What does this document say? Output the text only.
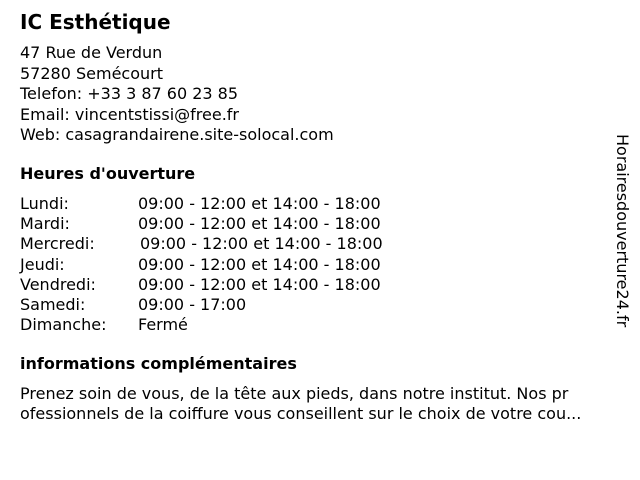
IC Esthétique
47 Rue de Verdun
57280 Semécourt
Telefon: +33 3 87 60 23 85
Email: vincentstissi@free.fr
Web: casagrandairene.site-solocal.com
Heures d'ouverture
Lundi:	09:00 - 12:00 et 14:00 - 18:00
Mardi:	09:00 - 12:00 et 14:00 - 18:00
Mercredi:	09:00 - 12:00 et 14:00 - 18:00
Jeudi:	09:00 - 12:00 et 14:00 - 18:00
Vendredi:	09:00 - 12:00 et 14:00 - 18:00
Samedi:	09:00 - 17:00
Dimanche: Fermé
informations complémentaires
Prenez soin de vous, de la tête aux pieds, dans notre institut. Nos pr
ofessionnels de la coiffure vous conseillent sur le choix de votre cou...
Horairesdouverture24.fr
